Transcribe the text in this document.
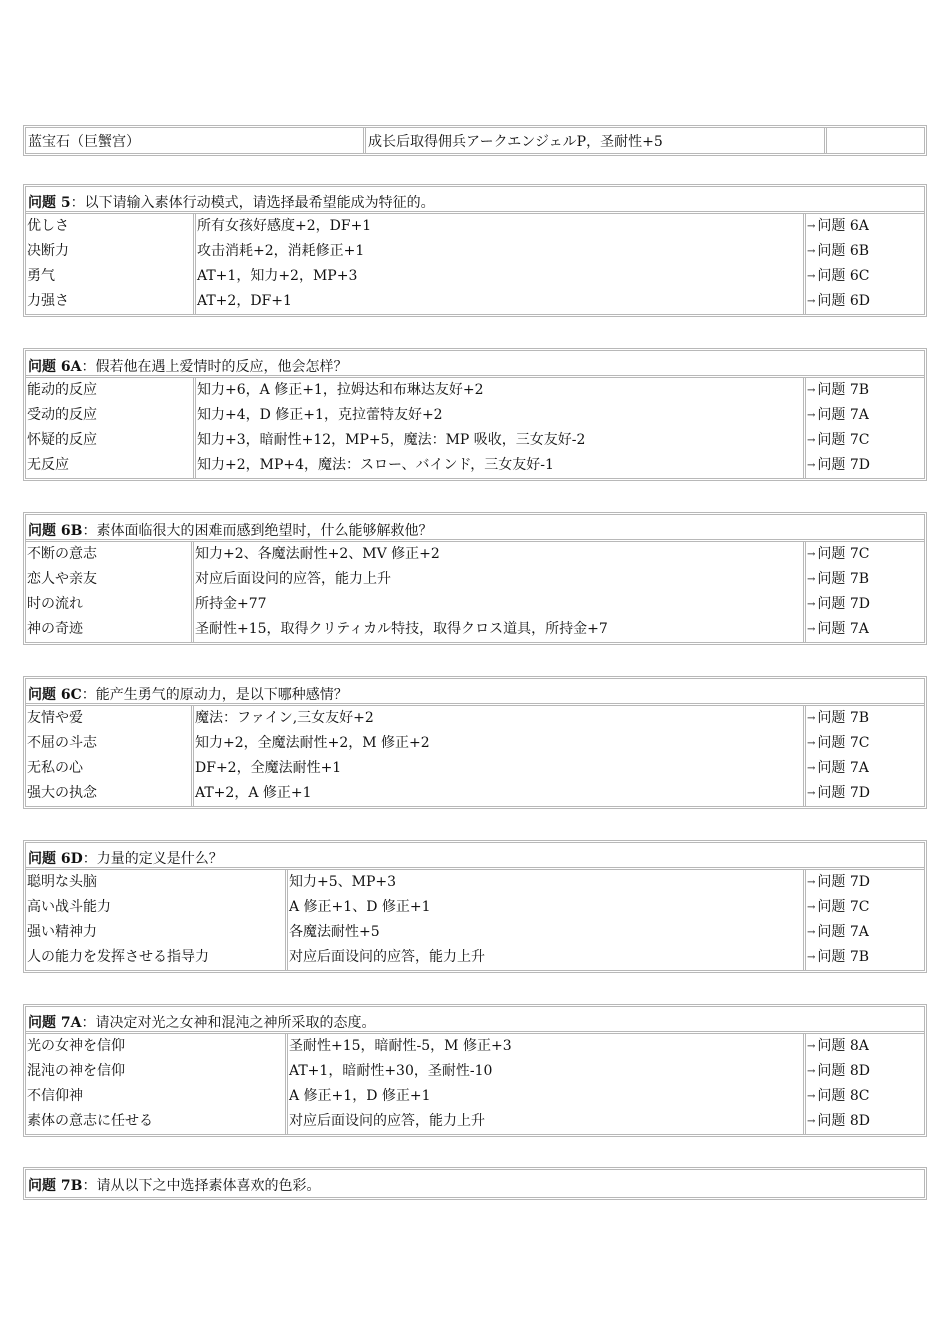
蓝宝石（巨蟹宫）	成长后取得佣兵アークエンジェルP，圣耐性+5
问题 5：以下请输入素体行动模式，请选择最希望能成为特征的。
优しさ
决断力
勇气
力强さ
所有女孩好感度+2，DF+1
攻击消耗+2，消耗修正+1
AT+1，知力+2，MP+3
AT+2，DF+1
→ 问题 6A
→ 问题 6B
→ 问题 6C
→ 问题 6D
问题 6A：假若他在遇上爱情时的反应，他会怎样？
能动的反应
受动的反应
怀疑的反应
无反应
知力+6，A 修正+1，拉姆达和布琳达友好+2
知力+4，D 修正+1，克拉蕾特友好+2
知力+3，暗耐性+12，MP+5，魔法：MP 吸收，三女友好-2
知力+2，MP+4，魔法：スロー、バインド，三女友好-1
→ 问题 7B
→ 问题 7A
→ 问题 7C
→ 问题 7D
问题 6B：素体面临很大的困难而感到绝望时，什么能够解救他？
不断の意志
恋人や亲友
时の流れ
神の奇迹
知力+2、各魔法耐性+2、MV 修正+2
对应后面设问的应答，能力上升
所持金+77
圣耐性+15，取得クリティカル特技，取得クロス道具，所持金+7
→ 问题 7C
→ 问题 7B
→ 问题 7D
→ 问题 7A
问题 6C：能产生勇气的原动力，是以下哪种感情？
友情や爱
不屈の斗志
无私の心
强大の执念
魔法：ファイン,三女友好+2
知力+2，全魔法耐性+2，M 修正+2
DF+2，全魔法耐性+1
AT+2，A 修正+1
→ 问题 7B
→ 问题 7C
→ 问题 7A
→ 问题 7D
问题 6D：力量的定义是什么？
聪明な头脑
高い战斗能力
强い精神力
人の能力を发挥させる指导力
知力+5、MP+3
A 修正+1、D 修正+1
各魔法耐性+5
对应后面设问的应答，能力上升
→ 问题 7D
→ 问题 7C
→ 问题 7A
→ 问题 7B
问题 7A：请决定对光之女神和混沌之神所采取的态度。
光の女神を信仰
混沌の神を信仰
不信仰神
素体の意志に任せる
圣耐性+15，暗耐性-5，M 修正+3
AT+1，暗耐性+30，圣耐性-10
A 修正+1，D 修正+1
对应后面设问的应答，能力上升
→ 问题 8A
→ 问题 8D
→ 问题 8C
→ 问题 8D
问题 7B：请从以下之中选择素体喜欢的色彩。
